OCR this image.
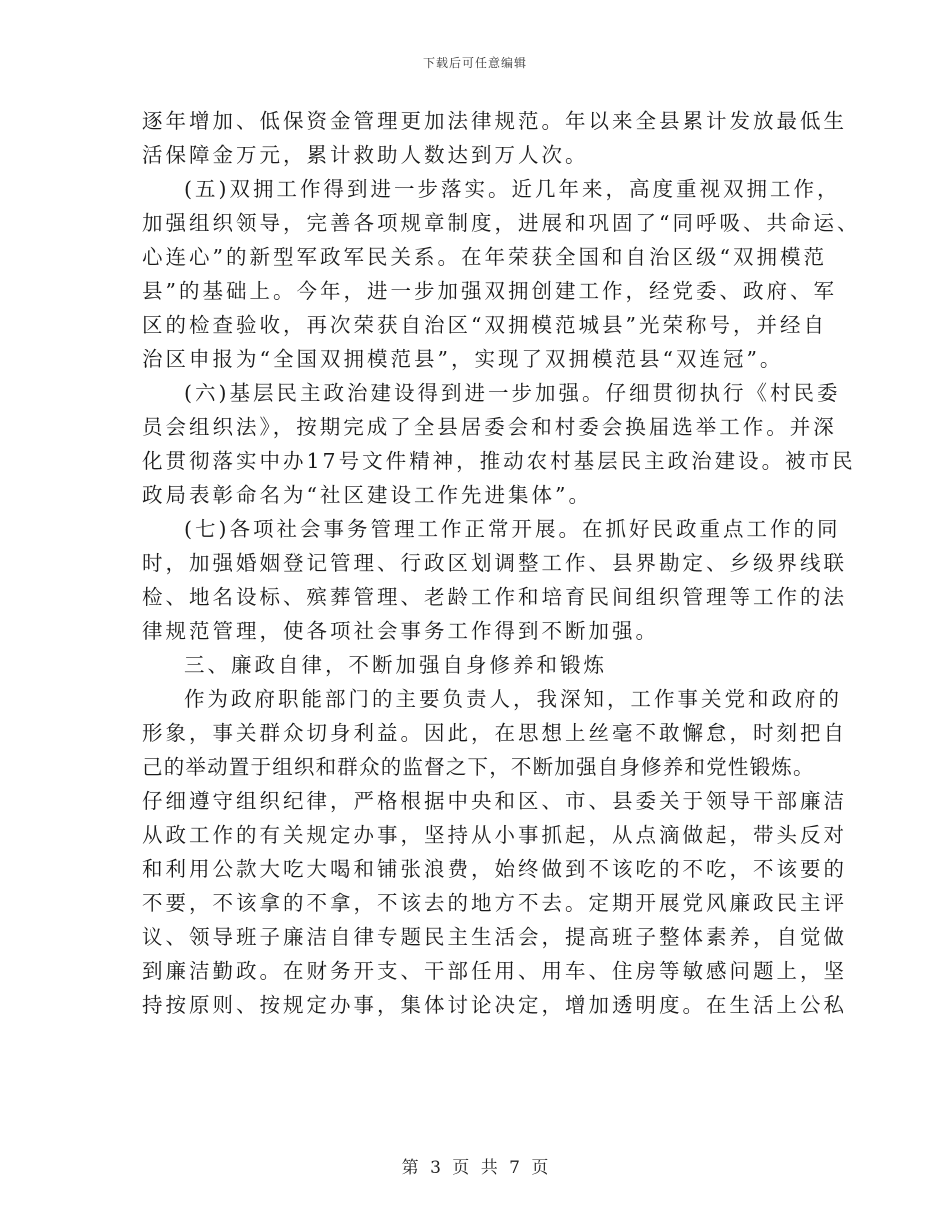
下载后可任意编辑
逐年增加、低保资金管理更加法律规范。年以来全县累计发放最低生
活保障金万元，累计救助人数达到万人次。
(五)双拥工作得到进一步落实。近几年来，高度重视双拥工作，
加强组织领导，完善各项规章制度，进展和巩固了“同呼吸、共命运、
心连心”的新型军政军民关系。在年荣获全国和自治区级“双拥模范
县”的基础上。今年，进一步加强双拥创建工作，经党委、政府、军
区的检查验收，再次荣获自治区“双拥模范城县”光荣称号，并经自
治区申报为“全国双拥模范县”，实现了双拥模范县“双连冠”。
(六)基层民主政治建设得到进一步加强。仔细贯彻执行《村民委
员会组织法》，按期完成了全县居委会和村委会换届选举工作。并深
化贯彻落实中办17号文件精神，推动农村基层民主政治建设。被市民
政局表彰命名为“社区建设工作先进集体”。
(七)各项社会事务管理工作正常开展。在抓好民政重点工作的同
时，加强婚姻登记管理、行政区划调整工作、县界勘定、乡级界线联
检、地名设标、殡葬管理、老龄工作和培育民间组织管理等工作的法
律规范管理，使各项社会事务工作得到不断加强。
三、廉政自律，不断加强自身修养和锻炼
作为政府职能部门的主要负责人，我深知，工作事关党和政府的
形象，事关群众切身利益。因此，在思想上丝毫不敢懈怠，时刻把自
己的举动置于组织和群众的监督之下，不断加强自身修养和党性锻炼。
仔细遵守组织纪律，严格根据中央和区、市、县委关于领导干部廉洁
从政工作的有关规定办事，坚持从小事抓起，从点滴做起，带头反对
和利用公款大吃大喝和铺张浪费，始终做到不该吃的不吃，不该要的
不要，不该拿的不拿，不该去的地方不去。定期开展党风廉政民主评
议、领导班子廉洁自律专题民主生活会，提高班子整体素养，自觉做
到廉洁勤政。在财务开支、干部任用、用车、住房等敏感问题上，坚
持按原则、按规定办事，集体讨论决定，增加透明度。在生活上公私
第 3 页 共 7 页
